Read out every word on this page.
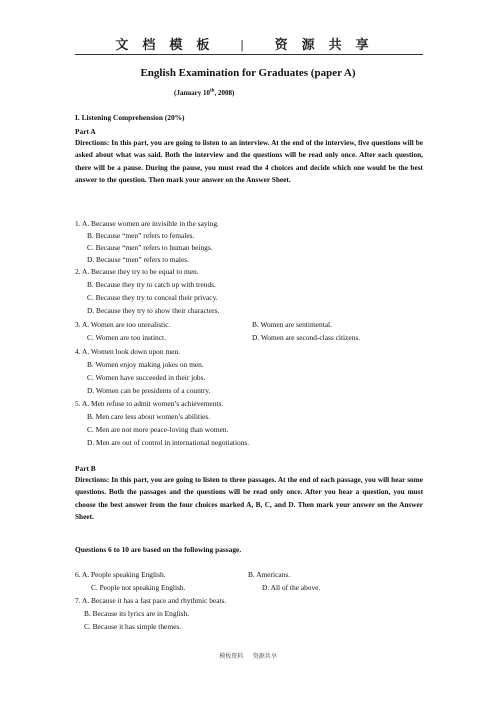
文档模板 | 资源共享
English Examination for Graduates (paper A)
(January 10th, 2008)
I. Listening Comprehension (20%)
Part A
Directions: In this part, you are going to listen to an interview. At the end of the interview, five questions will be asked about what was said. Both the interview and the questions will be read only once. After each question, there will be a pause. During the pause, you must read the 4 choices and decide which one would be the best answer to the question. Then mark your answer on the Answer Sheet.
1. A. Because women are invisible in the saying.
B. Because “men” refers to females.
C. Because “men” refers to human beings.
D. Because “men” refers to males.
2. A. Because they try to be equal to men.
B. Because they try to catch up with trends.
C. Because they try to conceal their privacy.
D. Because they try to show their characters.
3. A. Women are too unrealistic.	B. Women are sentimental.
C. Women are too instinct.	D. Women are second-class citizens.
4. A. Women look down upon men.
B. Women enjoy making jokes on men.
C. Women have succeeded in their jobs.
D. Women can be presidents of a country.
5. A. Men refuse to admit women’s achievements.
B. Men care less about women’s abilities.
C. Men are not more peace-loving than women.
D. Men are out of control in international negotiations.
Part B
Directions: In this part, you are going to listen to three passages. At the end of each passage, you will hear some questions. Both the passages and the questions will be read only once. After you hear a question, you must choose the best answer from the four choices marked A, B, C, and D. Then mark your answer on the Answer Sheet.
Questions 6 to 10 are based on the following passage.
6. A. People speaking English.	B. Americans.
C. People not speaking English.	D. All of the above.
7. A. Because it has a fast pace and rhythmic beats.
B. Because its lyrics are in English.
C. Because it has simple themes.
模板资料 资源共享
